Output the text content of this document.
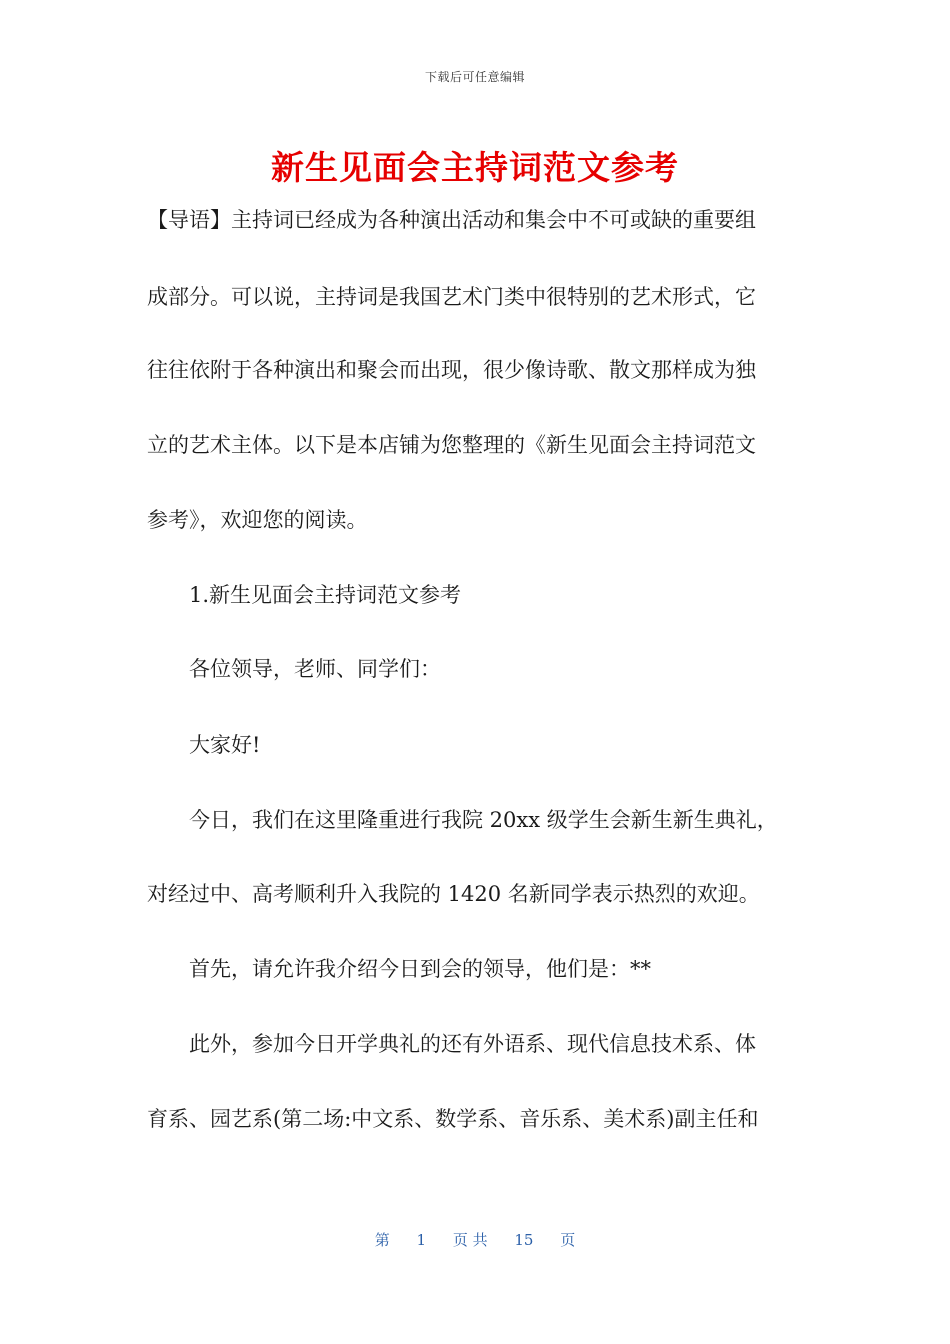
下载后可任意编辑
新生见面会主持词范文参考
【导语】主持词已经成为各种演出活动和集会中不可或缺的重要组
成部分。可以说，主持词是我国艺术门类中很特别的艺术形式，它
往往依附于各种演出和聚会而出现，很少像诗歌、散文那样成为独
立的艺术主体。以下是本店铺为您整理的《新生见面会主持词范文
参考》，欢迎您的阅读。
1.新生见面会主持词范文参考
各位领导，老师、同学们：
大家好!
今日，我们在这里隆重进行我院 20xx 级学生会新生新生典礼，
对经过中、高考顺利升入我院的 1420 名新同学表示热烈的欢迎。
首先，请允许我介绍今日到会的领导，他们是：**
此外，参加今日开学典礼的还有外语系、现代信息技术系、体
育系、园艺系(第二场:中文系、数学系、音乐系、美术系)副主任和
第 1 页 共 15 页
